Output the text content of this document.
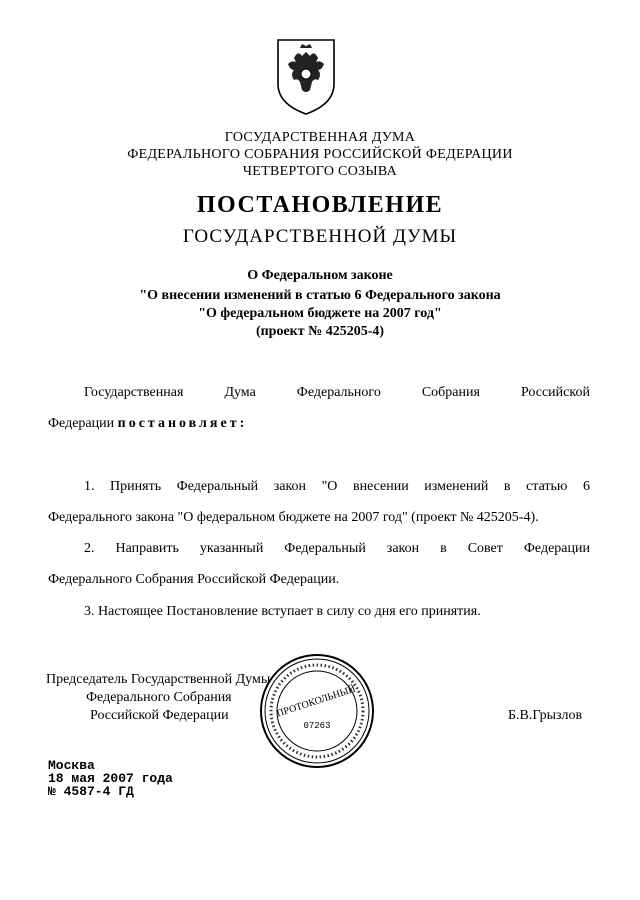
ГОСУДАРСТВЕННАЯ ДУМА
ФЕДЕРАЛЬНОГО СОБРАНИЯ РОССИЙСКОЙ ФЕДЕРАЦИИ
ЧЕТВЕРТОГО СОЗЫВА
ПОСТАНОВЛЕНИЕ
ГОСУДАРСТВЕННОЙ ДУМЫ
О Федеральном законе
"О внесении изменений в статью 6 Федерального закона
"О федеральном бюджете на 2007 год"
(проект № 425205-4)
Государственная	Дума	Федерального	Собрания	Российской
Федерации постановляет:
1. Принять Федеральный закон "О внесении изменений в статью 6
Федерального закона "О федеральном бюджете на 2007 год" (проект № 425205-4).
2. Направить указанный Федеральный закон в Совет Федерации
Федерального Собрания Российской Федерации.
3. Настоящее Постановление вступает в силу со дня его принятия.
Председатель Государственной Думы
Федерального Собрания
Российской Федерации	Б.В.Грызлов
ПРОТОКОЛЬНЫЙ
07263
Москва
18 мая 2007 года
№ 4587-4 ГД
